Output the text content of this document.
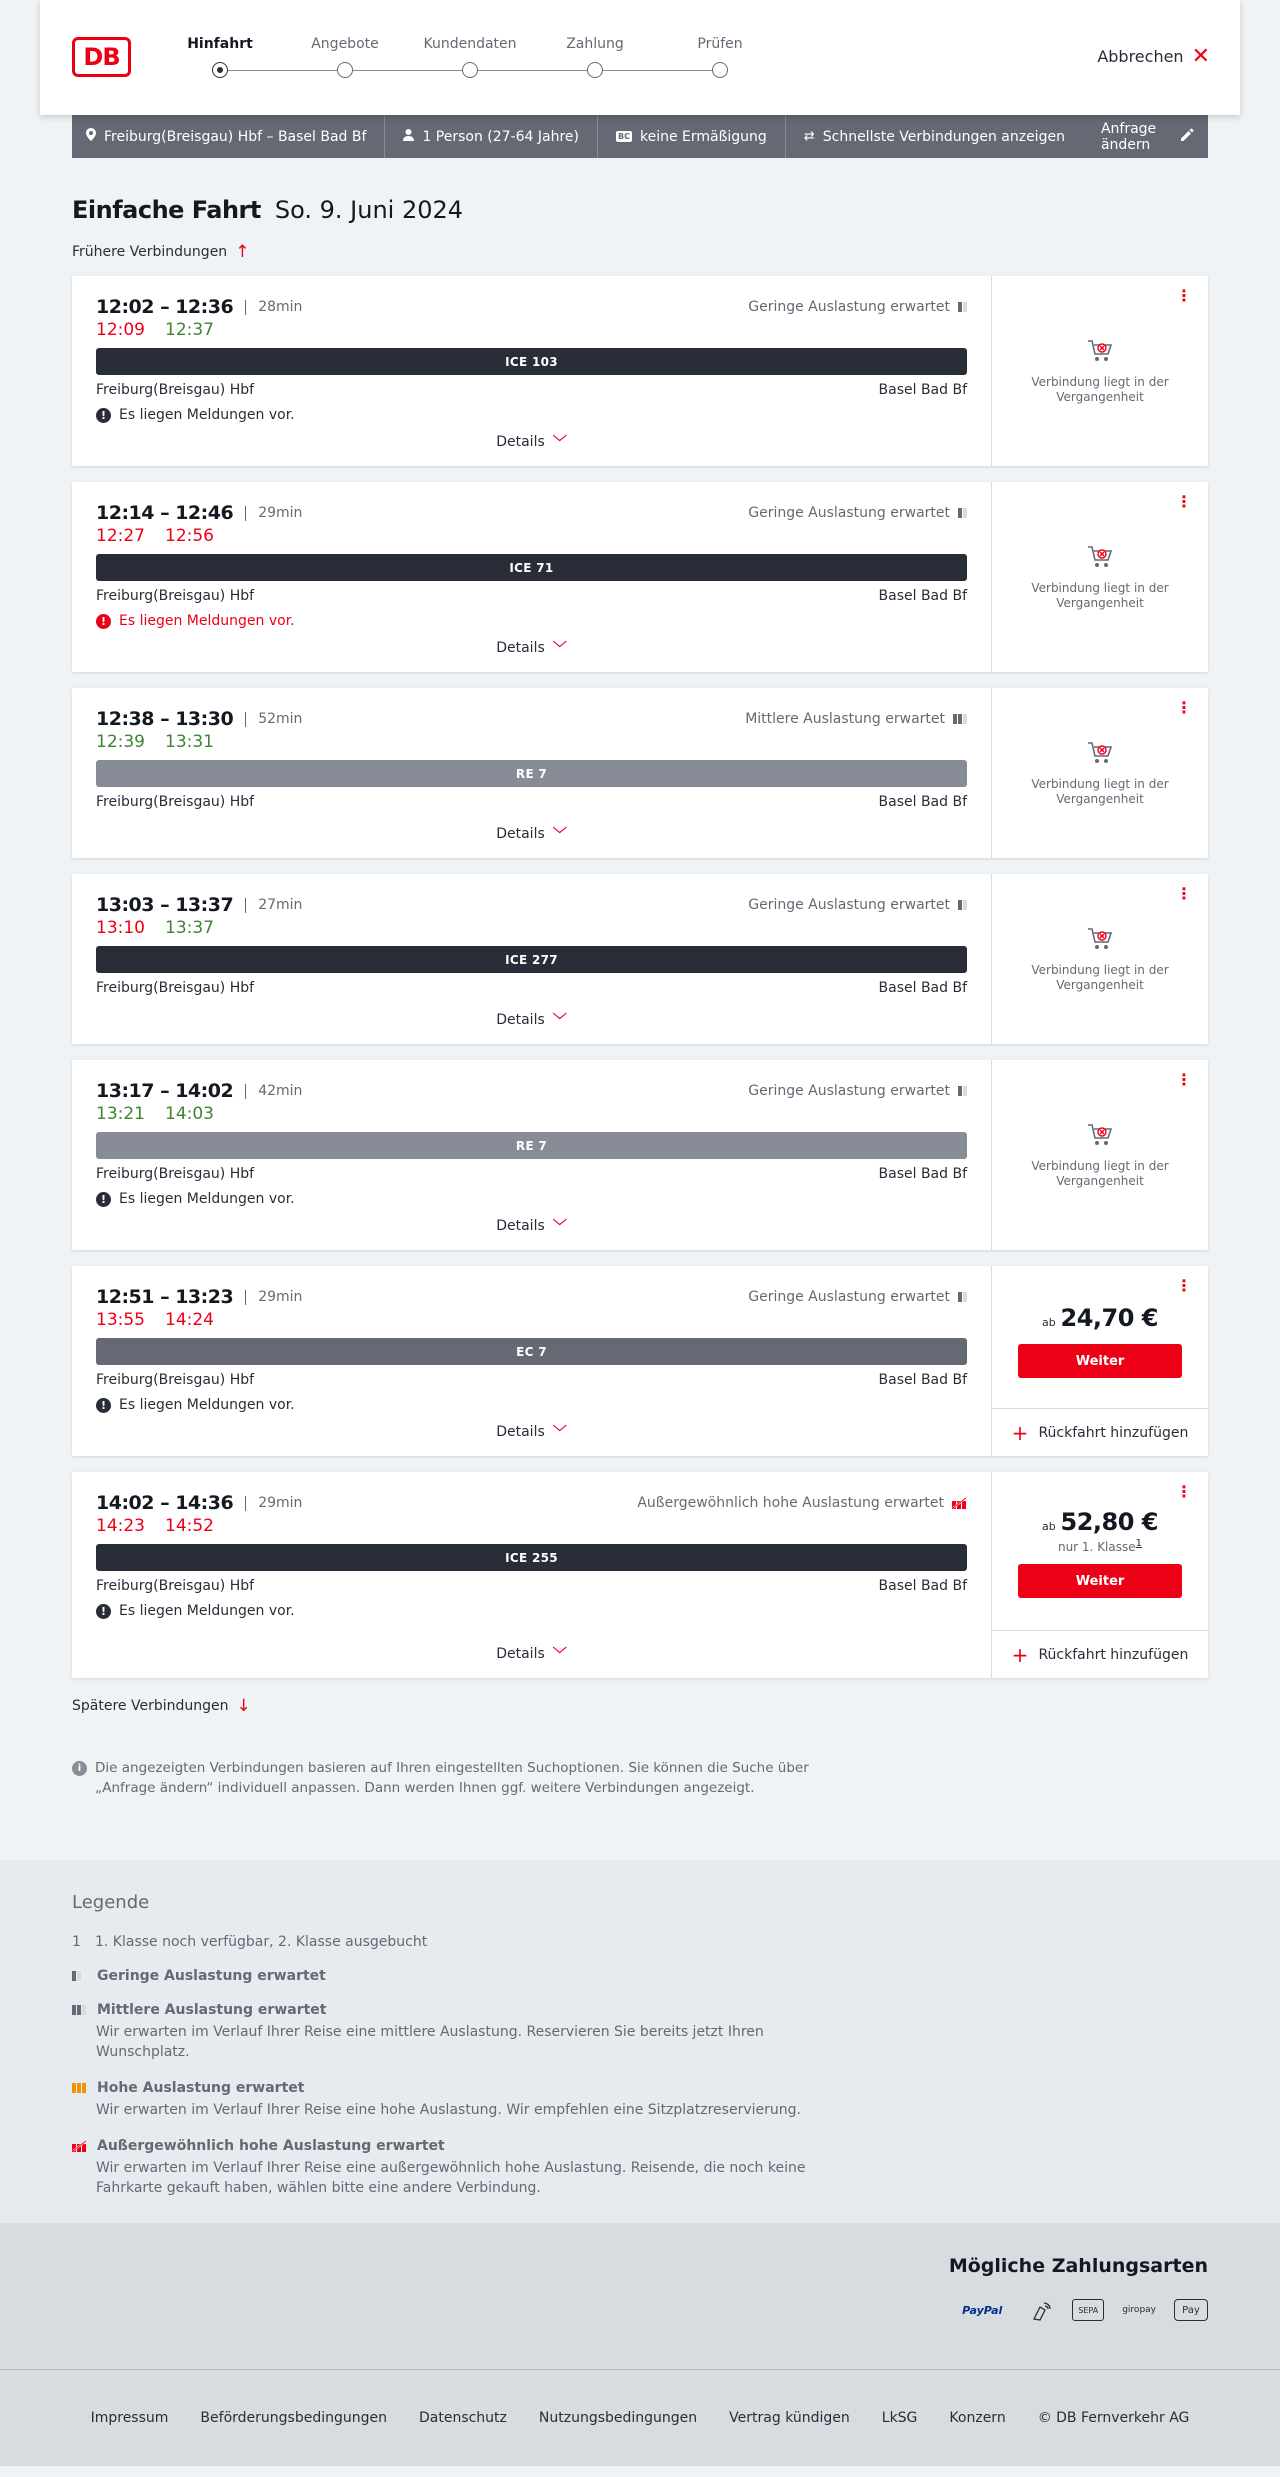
DB	Hinfahrt	Angebote	Kundendaten	Zahlung	Prüfen
Abbrechen ✕
Freiburg(Breisgau) Hbf – Basel Bad Bf	1 Person (27-64 Jahre)	BC keine Ermäßigung	⇄ Schnellste Verbindungen anzeigen	Anfrage ändern
Einfache Fahrt So. 9. Juni 2024
Frühere Verbindungen ↑
12:02 – 12:36	28min	Geringe Auslastung erwartet
12:09 12:37
ICE 103
Freiburg(Breisgau) Hbf	Basel Bad Bf
! Es liegen Meldungen vor.
Details ﹀
⋮
Verbindung liegt in der Vergangenheit
12:14 – 12:46	29min	Geringe Auslastung erwartet
12:27 12:56
ICE 71
Freiburg(Breisgau) Hbf	Basel Bad Bf
! Es liegen Meldungen vor.
Details ﹀
⋮
Verbindung liegt in der Vergangenheit
12:38 – 13:30	52min	Mittlere Auslastung erwartet
12:39 13:31
RE 7
Freiburg(Breisgau) Hbf	Basel Bad Bf
Details ﹀
⋮
Verbindung liegt in der Vergangenheit
13:03 – 13:37	27min	Geringe Auslastung erwartet
13:10 13:37
ICE 277
Freiburg(Breisgau) Hbf	Basel Bad Bf
Details ﹀
⋮
Verbindung liegt in der Vergangenheit
13:17 – 14:02	42min	Geringe Auslastung erwartet
13:21 14:03
RE 7
Freiburg(Breisgau) Hbf	Basel Bad Bf
! Es liegen Meldungen vor.
Details ﹀
⋮
Verbindung liegt in der Vergangenheit
12:51 – 13:23	29min	Geringe Auslastung erwartet
13:55 14:24
EC 7
Freiburg(Breisgau) Hbf	Basel Bad Bf
! Es liegen Meldungen vor.
Details ﹀
⋮
ab 24,70 €
Weiter
+ Rückfahrt hinzufügen
14:02 – 14:36	29min	Außergewöhnlich hohe Auslastung erwartet
14:23 14:52
ICE 255
Freiburg(Breisgau) Hbf	Basel Bad Bf
! Es liegen Meldungen vor.
Details ﹀
⋮
ab 52,80 €
nur 1. Klasse$^1$
Weiter
+ Rückfahrt hinzufügen
Spätere Verbindungen ↓
i	Die angezeigten Verbindungen basieren auf Ihren eingestellten Suchoptionen. Sie können die Suche über „Anfrage ändern“ individuell anpassen. Dann werden Ihnen ggf. weitere Verbindungen angezeigt.
Legende
1 1. Klasse noch verfügbar, 2. Klasse ausgebucht
Geringe Auslastung erwartet
Mittlere Auslastung erwartet
Wir erwarten im Verlauf Ihrer Reise eine mittlere Auslastung. Reservieren Sie bereits jetzt Ihren Wunschplatz.
Hohe Auslastung erwartet
Wir erwarten im Verlauf Ihrer Reise eine hohe Auslastung. Wir empfehlen eine Sitzplatzreservierung.
Außergewöhnlich hohe Auslastung erwartet
Wir erwarten im Verlauf Ihrer Reise eine außergewöhnlich hohe Auslastung. Reisende, die noch keine Fahrkarte gekauft haben, wählen bitte eine andere Verbindung.
Mögliche Zahlungsarten
PayPal	SEPA	giropay	Pay
Impressum Beförderungsbedingungen Datenschutz Nutzungsbedingungen Vertrag kündigen LkSG Konzern © DB Fernverkehr AG
